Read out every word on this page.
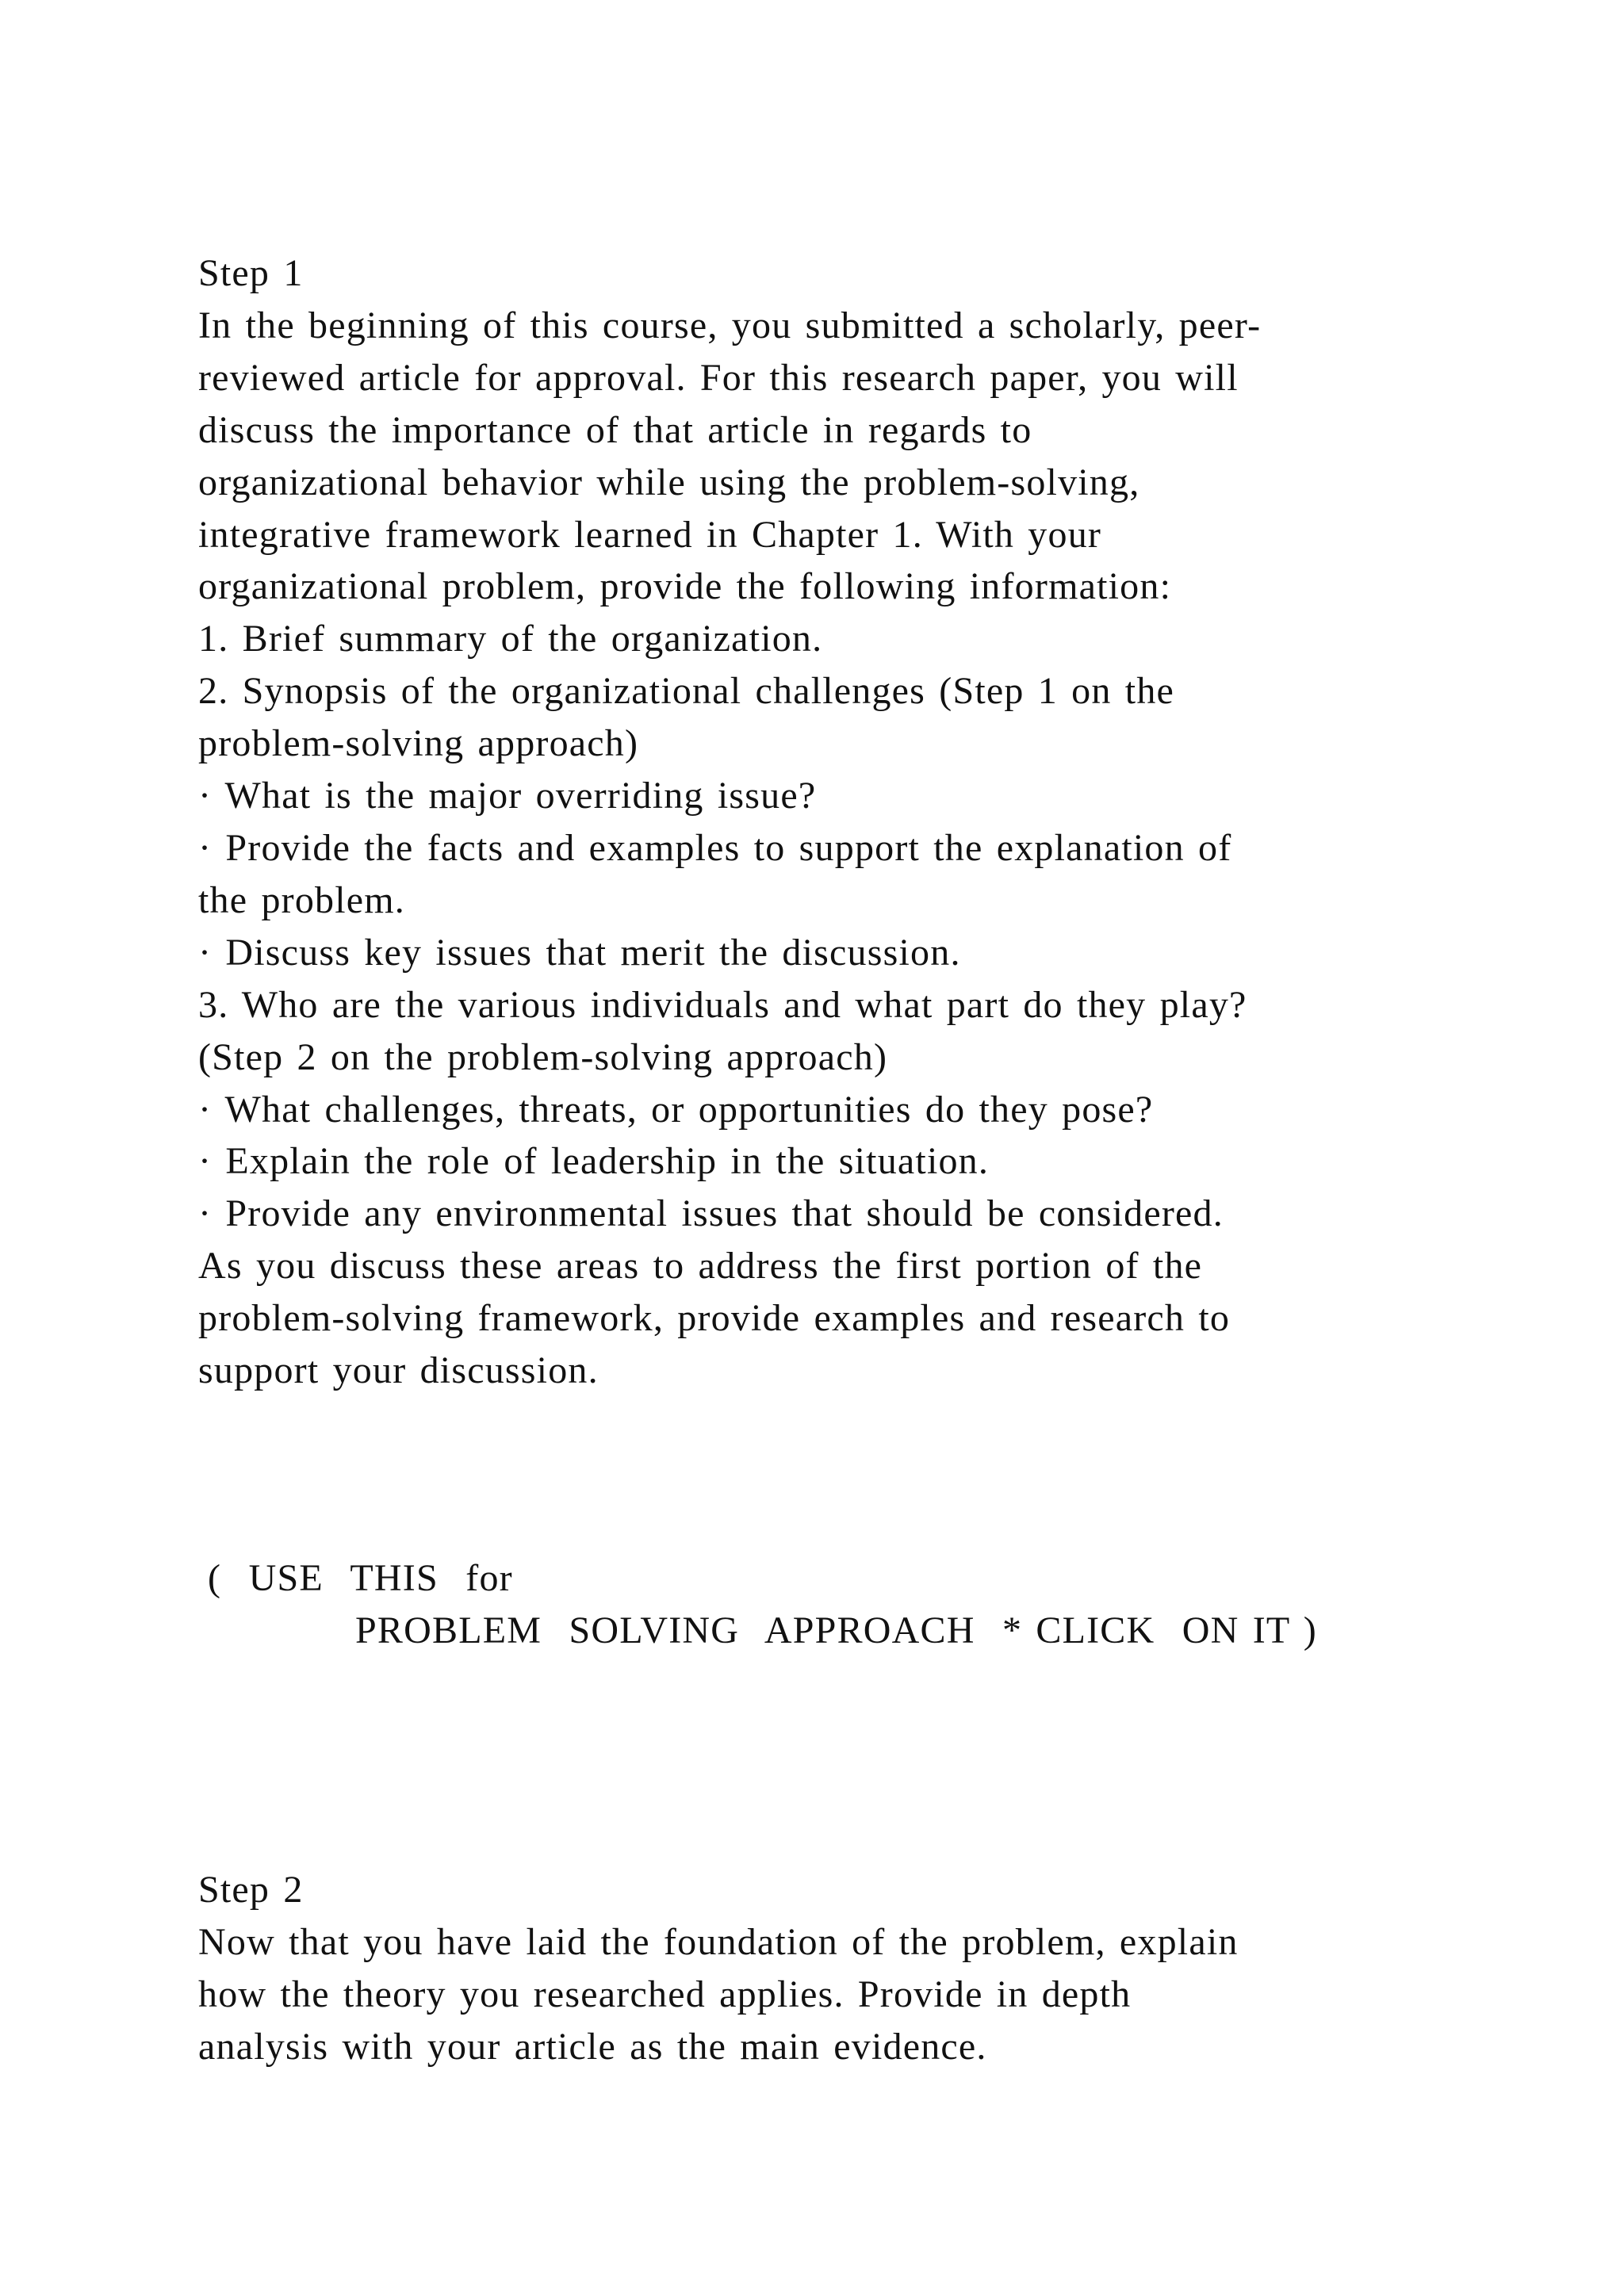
Step 1
In the beginning of this course, you submitted a scholarly, peer-
reviewed article for approval. For this research paper, you will
discuss the importance of that article in regards to
organizational behavior while using the problem-solving,
integrative framework learned in Chapter 1. With your
organizational problem, provide the following information:
1. Brief summary of the organization.
2. Synopsis of the organizational challenges (Step 1 on the
problem-solving approach)
· What is the major overriding issue?
· Provide the facts and examples to support the explanation of
the problem.
· Discuss key issues that merit the discussion.
3. Who are the various individuals and what part do they play?
(Step 2 on the problem-solving approach)
· What challenges, threats, or opportunities do they pose?
· Explain the role of leadership in the situation.
· Provide any environmental issues that should be considered.
As you discuss these areas to address the first portion of the
problem-solving framework, provide examples and research to
support your discussion.
(  USE  THIS  for
PROBLEM  SOLVING  APPROACH  * CLICK  ON IT )
Step 2
Now that you have laid the foundation of the problem, explain
how the theory you researched applies. Provide in depth
analysis with your article as the main evidence.
